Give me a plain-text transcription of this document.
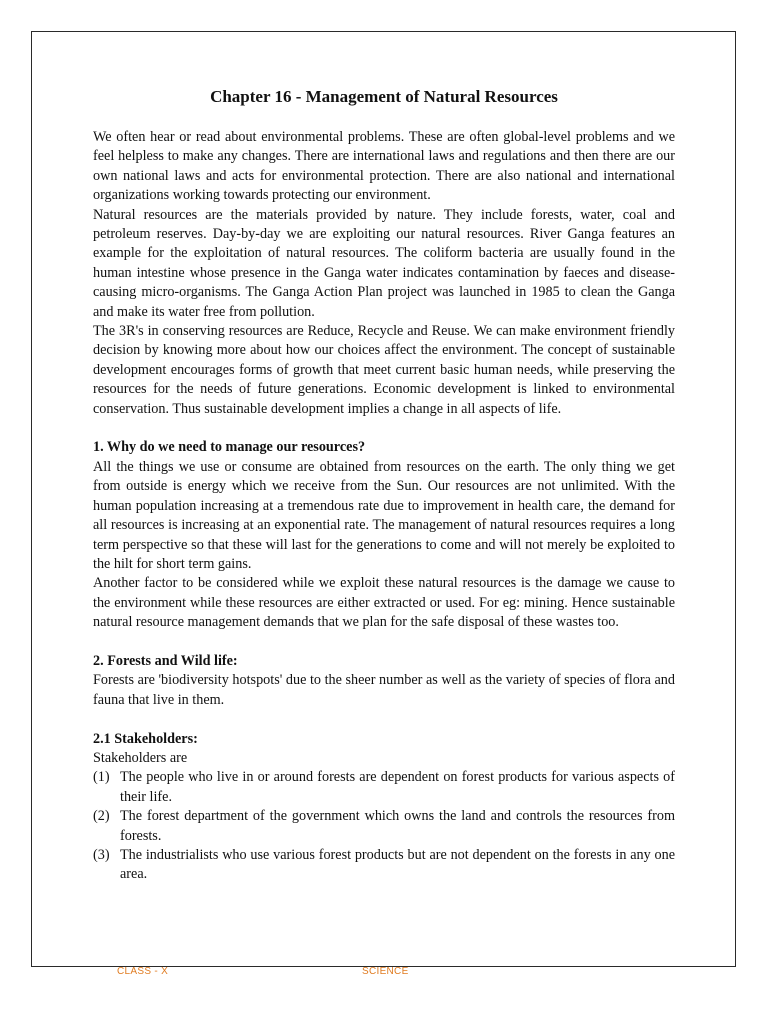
Chapter 16 - Management of Natural Resources

We often hear or read about environmental problems. These are often global-level problems and we feel helpless to make any changes. There are international laws and regulations and then there are our own national laws and acts for environmental protection. There are also national and international organizations working towards protecting our environment.

Natural resources are the materials provided by nature. They include forests, water, coal and petroleum reserves. Day-by-day we are exploiting our natural resources. River Ganga features an example for the exploitation of natural resources. The coliform bacteria are usually found in the human intestine whose presence in the Ganga water indicates contamination by faeces and disease-causing micro-organisms. The Ganga Action Plan project was launched in 1985 to clean the Ganga and make its water free from pollution.

The 3R's in conserving resources are Reduce, Recycle and Reuse. We can make environment friendly decision by knowing more about how our choices affect the environment. The concept of sustainable development encourages forms of growth that meet current basic human needs, while preserving the resources for the needs of future generations. Economic development is linked to environmental conservation. Thus sustainable development implies a change in all aspects of life.

1. Why do we need to manage our resources?

All the things we use or consume are obtained from resources on the earth. The only thing we get from outside is energy which we receive from the Sun. Our resources are not unlimited. With the human population increasing at a tremendous rate due to improvement in health care, the demand for all resources is increasing at an exponential rate. The management of natural resources requires a long term perspective so that these will last for the generations to come and will not merely be exploited to the hilt for short term gains.

Another factor to be considered while we exploit these natural resources is the damage we cause to the environment while these resources are either extracted or used. For eg: mining. Hence sustainable natural resource management demands that we plan for the safe disposal of these wastes too.

2. Forests and Wild life:

Forests are 'biodiversity hotspots' due to the sheer number as well as the variety of species of flora and fauna that live in them.

2.1 Stakeholders:

Stakeholders are

(1) The people who live in or around forests are dependent on forest products for various aspects of their life.
(2) The forest department of the government which owns the land and controls the resources from forests.
(3) The industrialists who use various forest products but are not dependent on the forests in any one area.
CLASS - X	SCIENCE
